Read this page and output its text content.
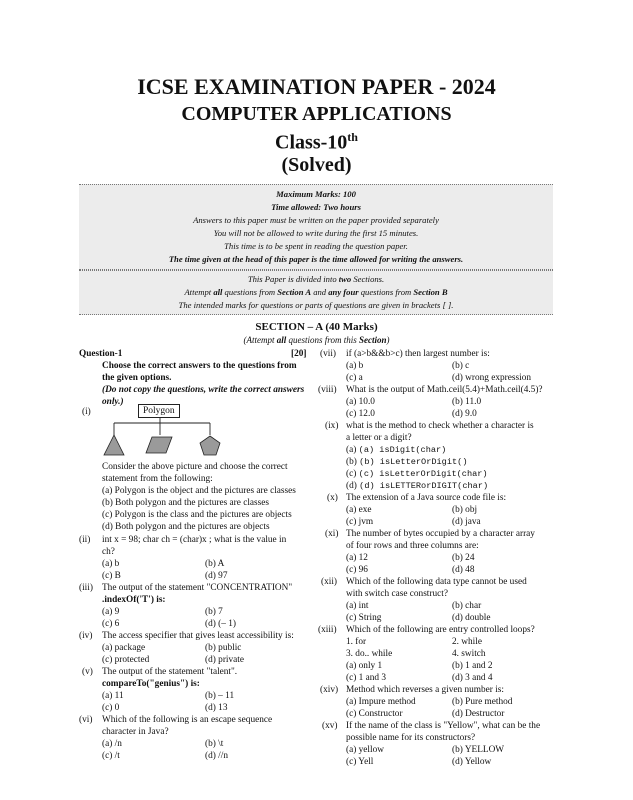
ICSE EXAMINATION PAPER - 2024
COMPUTER APPLICATIONS
Class-10th
(Solved)
Maximum Marks: 100
Time allowed: Two hours
Answers to this paper must be written on the paper provided separately
You will not be allowed to write during the first 15 minutes.
This time is to be spent in reading the question paper.
The time given at the head of this paper is the time allowed for writing the answers.
This Paper is divided into two Sections.
Attempt all questions from Section A and any four questions from Section B
The intended marks for questions or parts of questions are given in brackets [ ].
SECTION – A (40 Marks)
(Attempt all questions from this Section)
Question-1	[20]
Choose the correct answers to the questions from
the given options.
(Do not copy the questions, write the correct answers
only.)
(i)	Polygon
Consider the above picture and choose the correct
statement from the following:
(a) Polygon is the object and the pictures are classes
(b) Both polygon and the pictures are classes
(c) Polygon is the class and the pictures are objects
(d) Both polygon and the pictures are objects
(ii) int x = 98; char ch = (char)x ; what is the value in
ch?
(a) b	(b) A
(c) B	(d) 97
(iii) The output of the statement "CONCENTRATION"
.indexOf('T') is:
(a) 9	(b) 7
(c) 6	(d) (– 1)
(iv) The access specifier that gives least accessibility is:
(a) package	(b) public
(c) protected	(d) private
(v) The output of the statement "talent".
compareTo("genius") is:
(a) 11	(b) – 11
(c) 0	(d) 13
(vi) Which of the following is an escape sequence
character in Java?
(a) /n	(b) \t
(c) /t	(d) //n
(vii) if (a>b&&b>c) then largest number is:
(a) b	(b) c
(c) a	(d) wrong expression
(viii) What is the output of Math.ceil(5.4)+Math.ceil(4.5)?
(a) 10.0	(b) 11.0
(c) 12.0	(d) 9.0
(ix) what is the method to check whether a character is
a letter or a digit?
(a) (a) isDigit(char)
(b) (b) isLetterOrDigit()
(c) (c) isLetterOrDigit(char)
(d) (d) isLETTERorDIGIT(char)
(x) The extension of a Java source code file is:
(a) exe	(b) obj
(c) jvm	(d) java
(xi) The number of bytes occupied by a character array
of four rows and three columns are:
(a) 12	(b) 24
(c) 96	(d) 48
(xii) Which of the following data type cannot be used
with switch case construct?
(a) int	(b) char
(c) String	(d) double
(xiii) Which of the following are entry controlled loops?
1. for	2. while
3. do.. while	4. switch
(a) only 1	(b) 1 and 2
(c) 1 and 3	(d) 3 and 4
(xiv) Method which reverses a given number is:
(a) Impure method	(b) Pure method
(c) Constructor	(d) Destructor
(xv) If the name of the class is "Yellow", what can be the
possible name for its constructors?
(a) yellow	(b) YELLOW
(c) Yell	(d) Yellow
